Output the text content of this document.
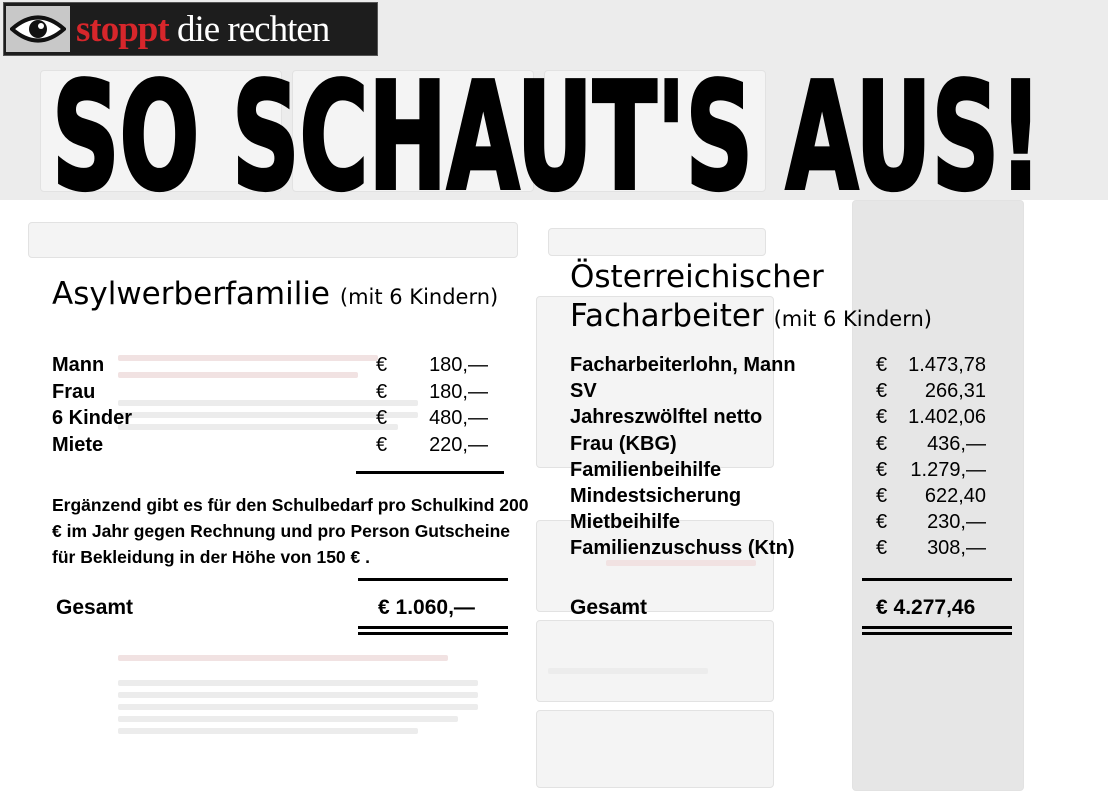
stoppt die rechten
SO SCHAUT'S AUS!
Asylwerberfamilie (mit 6 Kindern)
Mann	€ 180,—
Frau	€ 180,—
6 Kinder	€ 480,—
Miete	€ 220,—
Ergänzend gibt es für den Schulbedarf pro Schulkind 200 € im Jahr gegen Rechnung und pro Person Gutscheine für Bekleidung in der Höhe von 150 € .
Gesamt	€ 1.060,—
Österreichischer
Facharbeiter (mit 6 Kindern)
Facharbeiterlohn, Mann	€ 1.473,78
SV	€ 266,31
Jahreszwölftel netto	€ 1.402,06
Frau (KBG)	€ 436,—
Familienbeihilfe	€ 1.279,—
Mindestsicherung	€ 622,40
Mietbeihilfe	€ 230,—
Familienzuschuss (Ktn)	€ 308,—
Gesamt	€ 4.277,46
